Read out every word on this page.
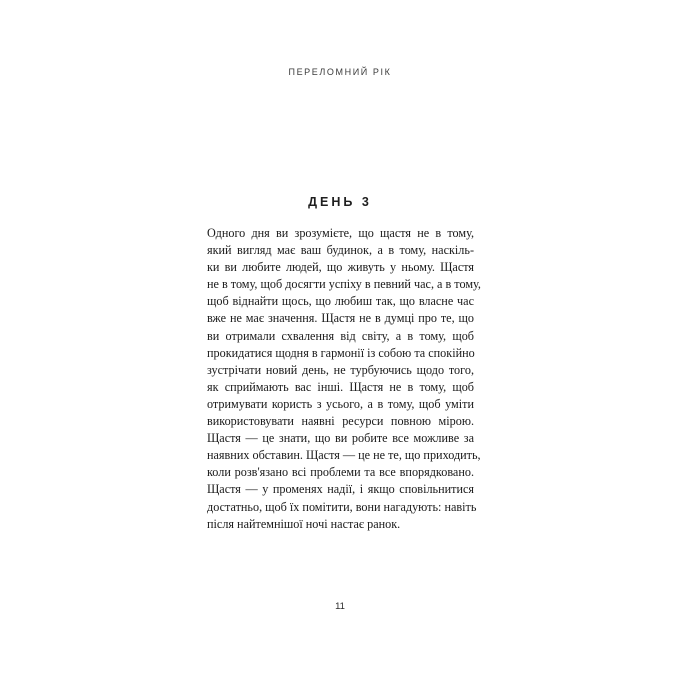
ПЕРЕЛОМНИЙ РІК
ДЕНЬ 3
Одного дня ви зрозумієте, що щастя не в тому,
який вигляд має ваш будинок, а в тому, наскіль-
ки ви любите людей, що живуть у ньому. Щастя
не в тому, щоб досягти успіху в певний час, а в тому,
щоб віднайти щось, що любиш так, що власне час
вже не має значення. Щастя не в думці про те, що
ви отримали схвалення від світу, а в тому, щоб
прокидатися щодня в гармонії із собою та спокійно
зустрічати новий день, не турбуючись щодо того,
як сприймають вас інші. Щастя не в тому, щоб
отримувати користь з усього, а в тому, щоб уміти
використовувати наявні ресурси повною мірою.
Щастя — це знати, що ви робите все можливе за
наявних обставин. Щастя — це не те, що приходить,
коли розв'язано всі проблеми та все впорядковано.
Щастя — у променях надії, і якщо сповільнитися
достатньо, щоб їх помітити, вони нагадують: навіть
після найтемнішої ночі настає ранок.
11
